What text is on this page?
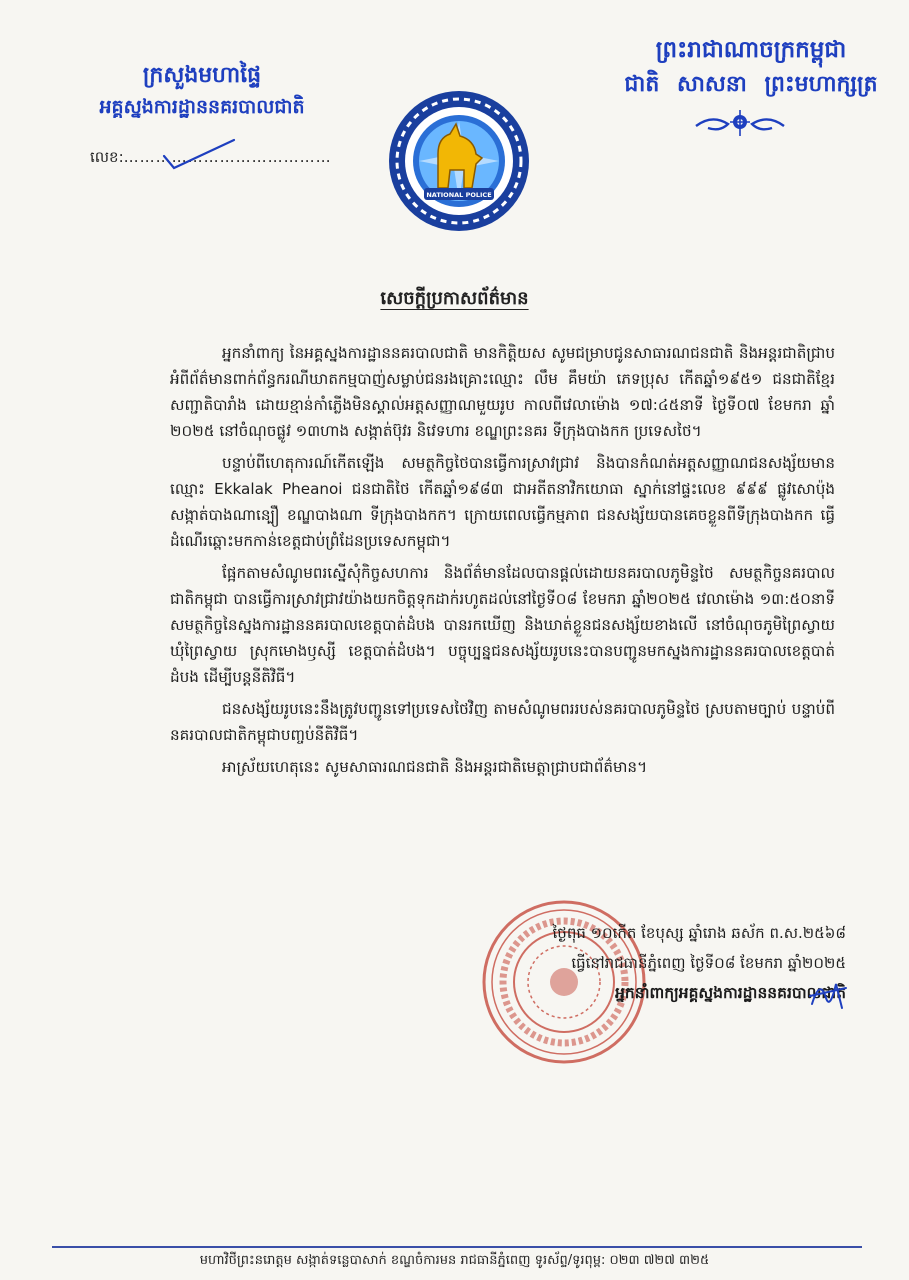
ក្រសួងមហាផ្ទៃ
អគ្គស្នងការដ្ឋាននគរបាលជាតិ
លេខ:…………………………………
ព្រះរាជាណាចក្រកម្ពុជា
ជាតិ សាសនា ព្រះមហាក្សត្រ
NATIONAL POLICE
សេចក្តីប្រកាសព័ត៌មាន

អ្នកនាំពាក្យ នៃអគ្គស្នងការដ្ឋាននគរបាលជាតិ មានកិត្តិយស សូមជម្រាបជូនសាធារណជនជាតិ និងអន្តរជាតិជ្រាបអំពីព័ត៌មានពាក់ព័ន្ធករណីឃាតកម្មបាញ់សម្លាប់ជនរងគ្រោះឈ្មោះ លឹម គឹមយ៉ា ភេទប្រុស កើតឆ្នាំ១៩៥១ ជនជាតិខ្មែរ សញ្ជាតិបារាំង ដោយខ្មាន់កាំភ្លើងមិនស្គាល់អត្តសញ្ញាណមួយរូប កាលពីវេលាម៉ោង ១៧:៤៥នាទី ថ្ងៃទី០៧ ខែមករា ឆ្នាំ ២០២៥ នៅចំណុចផ្លូវ ១៣ហាង សង្កាត់ប៊ុវរ និវេទហារ ខណ្ឌព្រះនគរ ទីក្រុងបាងកក ប្រទេសថៃ។

បន្ទាប់ពីហេតុការណ៍កើតឡើង សមត្ថកិច្ចថៃបានធ្វើការស្រាវជ្រាវ និងបានកំណត់អត្តសញ្ញាណជនសង្ស័យមានឈ្មោះ Ekkalak Pheanoi ជនជាតិថៃ កើតឆ្នាំ១៩៨៣ ជាអតីតនាវិកយោធា ស្នាក់នៅផ្ទះលេខ ៩៩៩ ផ្លូវសោប៉ុង សង្កាត់បាងណាន្បឿ ខណ្ឌបាងណា ទីក្រុងបាងកក។ ក្រោយពេលធ្វើកម្មភាព ជនសង្ស័យបានគេចខ្លួនពីទីក្រុងបាងកក ធ្វើដំណើរឆ្ពោះមកកាន់ខេត្តជាប់ព្រំដែនប្រទេសកម្ពុជា។

ផ្អែកតាមសំណូមពរស្នើសុំកិច្ចសហការ និងព័ត៌មានដែលបានផ្តល់ដោយនគរបាលភូមិន្ទថៃ សមត្ថកិច្ចនគរបាលជាតិកម្ពុជា បានធ្វើការស្រាវជ្រាវយ៉ាងយកចិត្តទុកដាក់រហូតដល់នៅថ្ងៃទី០៨ ខែមករា ឆ្នាំ២០២៥ វេលាម៉ោង ១៣:៥០នាទី សមត្ថកិច្ចនៃស្នងការដ្ឋាននគរបាលខេត្តបាត់ដំបង បានរកឃើញ និងឃាត់ខ្លួនជនសង្ស័យខាងលើ នៅចំណុចភូមិព្រៃស្វាយ ឃុំព្រៃស្វាយ ស្រុកមោងឫស្សី ខេត្តបាត់ដំបង។ បច្ចុប្បន្នជនសង្ស័យរូបនេះបានបញ្ជូនមកស្នងការដ្ឋាននគរបាលខេត្តបាត់ដំបង ដើម្បីបន្តនីតិវិធី។

ជនសង្ស័យរូបនេះនឹងត្រូវបញ្ជូនទៅប្រទេសថៃវិញ តាមសំណូមពររបស់នគរបាលភូមិន្ទថៃ ស្របតាមច្បាប់ បន្ទាប់ពីនគរបាលជាតិកម្ពុជាបញ្ចប់នីតិវិធី។

អាស្រ័យហេតុនេះ សូមសាធារណជនជាតិ និងអន្តរជាតិមេត្តាជ្រាបជាព័ត៌មាន។

ថ្ងៃពុធ ១០កើត ខែបុស្ស ឆ្នាំរោង ឆស័ក ព.ស.២៥៦៨
ធ្វើនៅរាជធានីភ្នំពេញ ថ្ងៃទី០៨ ខែមករា ឆ្នាំ២០២៥
អ្នកនាំពាក្យអគ្គស្នងការដ្ឋាននគរបាលជាតិ
មហាវិថីព្រះនរោត្តម សង្កាត់ទន្លេបាសាក់ ខណ្ឌចំការមន រាជធានីភ្នំពេញ ទូរស័ព្ទ/ទូរពុម្ព: ០២៣ ៧២៧ ៣២៥
